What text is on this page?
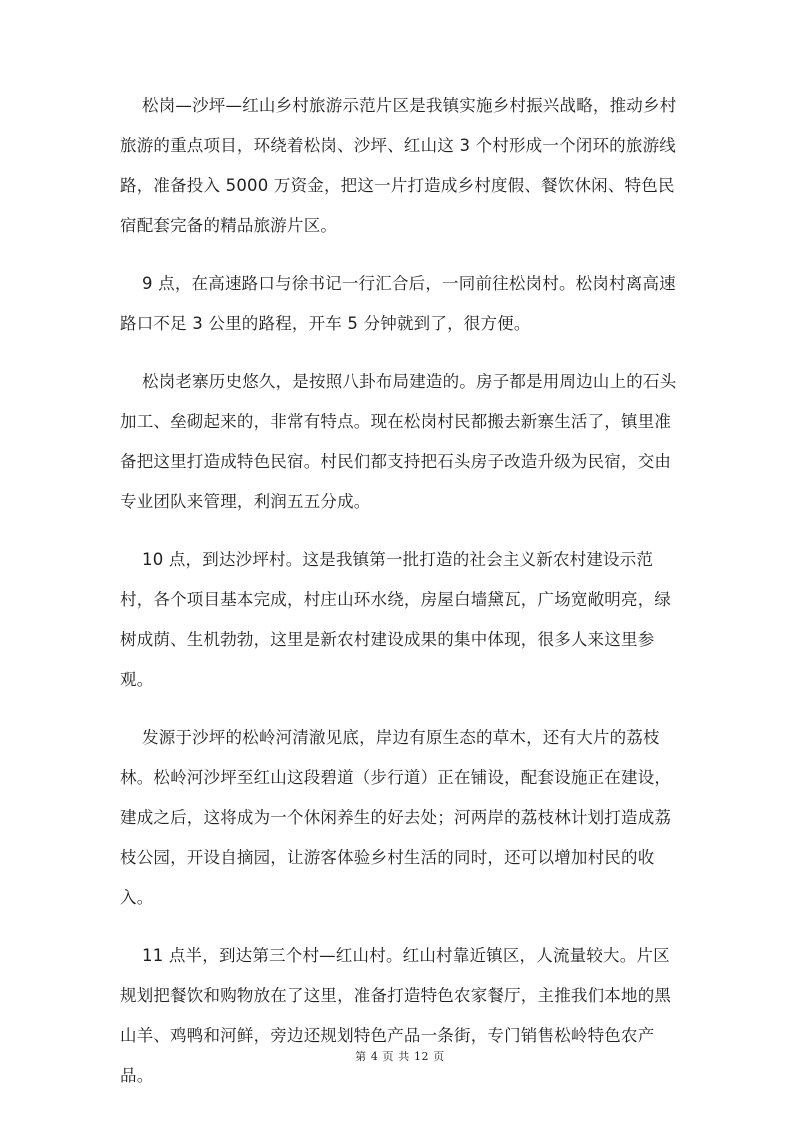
松岗—沙坪—红山乡村旅游示范片区是我镇实施乡村振兴战略，推动乡村旅游的重点项目，环绕着松岗、沙坪、红山这 3 个村形成一个闭环的旅游线路，准备投入 5000 万资金，把这一片打造成乡村度假、餐饮休闲、特色民宿配套完备的精品旅游片区。

9 点，在高速路口与徐书记一行汇合后，一同前往松岗村。松岗村离高速路口不足 3 公里的路程，开车 5 分钟就到了，很方便。

松岗老寨历史悠久，是按照八卦布局建造的。房子都是用周边山上的石头加工、垒砌起来的，非常有特点。现在松岗村民都搬去新寨生活了，镇里准备把这里打造成特色民宿。村民们都支持把石头房子改造升级为民宿，交由专业团队来管理，利润五五分成。

10 点，到达沙坪村。这是我镇第一批打造的社会主义新农村建设示范村，各个项目基本完成，村庄山环水绕，房屋白墙黛瓦，广场宽敞明亮，绿树成荫、生机勃勃，这里是新农村建设成果的集中体现，很多人来这里参观。

发源于沙坪的松岭河清澈见底，岸边有原生态的草木，还有大片的荔枝林。松岭河沙坪至红山这段碧道（步行道）正在铺设，配套设施正在建设，建成之后，这将成为一个休闲养生的好去处；河两岸的荔枝林计划打造成荔枝公园，开设自摘园，让游客体验乡村生活的同时，还可以增加村民的收入。

11 点半，到达第三个村—红山村。红山村靠近镇区，人流量较大。片区规划把餐饮和购物放在了这里，准备打造特色农家餐厅，主推我们本地的黑山羊、鸡鸭和河鲜，旁边还规划特色产品一条街，专门销售松岭特色农产品。

第 4 页 共 12 页
